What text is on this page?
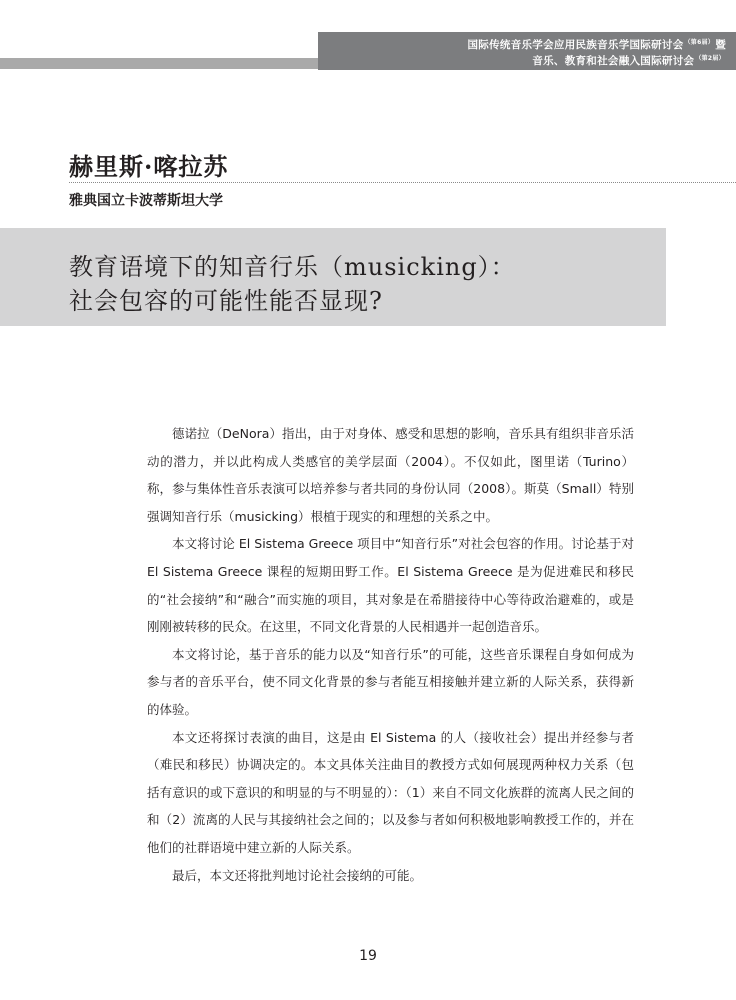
国际传统音乐学会应用民族音乐学国际研讨会$^{(第6届)}$暨
音乐、教育和社会融入国际研讨会$^{(第2届)}$
赫里斯·喀拉苏
雅典国立卡波蒂斯坦大学
教育语境下的知音行乐（musicking）：
社会包容的可能性能否显现?

德诺拉（DeNora）指出，由于对身体、感受和思想的影响，音乐具有组织非音乐活动的潜力，并以此构成人类感官的美学层面（2004）。不仅如此，图里诺（Turino）称，参与集体性音乐表演可以培养参与者共同的身份认同（2008）。斯莫（Small）特别强调知音行乐（musicking）根植于现实的和理想的关系之中。

本文将讨论 El Sistema Greece 项目中“知音行乐”对社会包容的作用。讨论基于对 El Sistema Greece 课程的短期田野工作。El Sistema Greece 是为促进难民和移民的“社会接纳”和“融合”而实施的项目，其对象是在希腊接待中心等待政治避难的，或是刚刚被转移的民众。在这里，不同文化背景的人民相遇并一起创造音乐。

本文将讨论，基于音乐的能力以及“知音行乐”的可能，这些音乐课程自身如何成为参与者的音乐平台，使不同文化背景的参与者能互相接触并建立新的人际关系，获得新的体验。

本文还将探讨表演的曲目，这是由 El Sistema 的人（接收社会）提出并经参与者（难民和移民）协调决定的。本文具体关注曲目的教授方式如何展现两种权力关系（包括有意识的或下意识的和明显的与不明显的）：（1）来自不同文化族群的流离人民之间的和（2）流离的人民与其接纳社会之间的；以及参与者如何积极地影响教授工作的，并在他们的社群语境中建立新的人际关系。

最后，本文还将批判地讨论社会接纳的可能。

19
